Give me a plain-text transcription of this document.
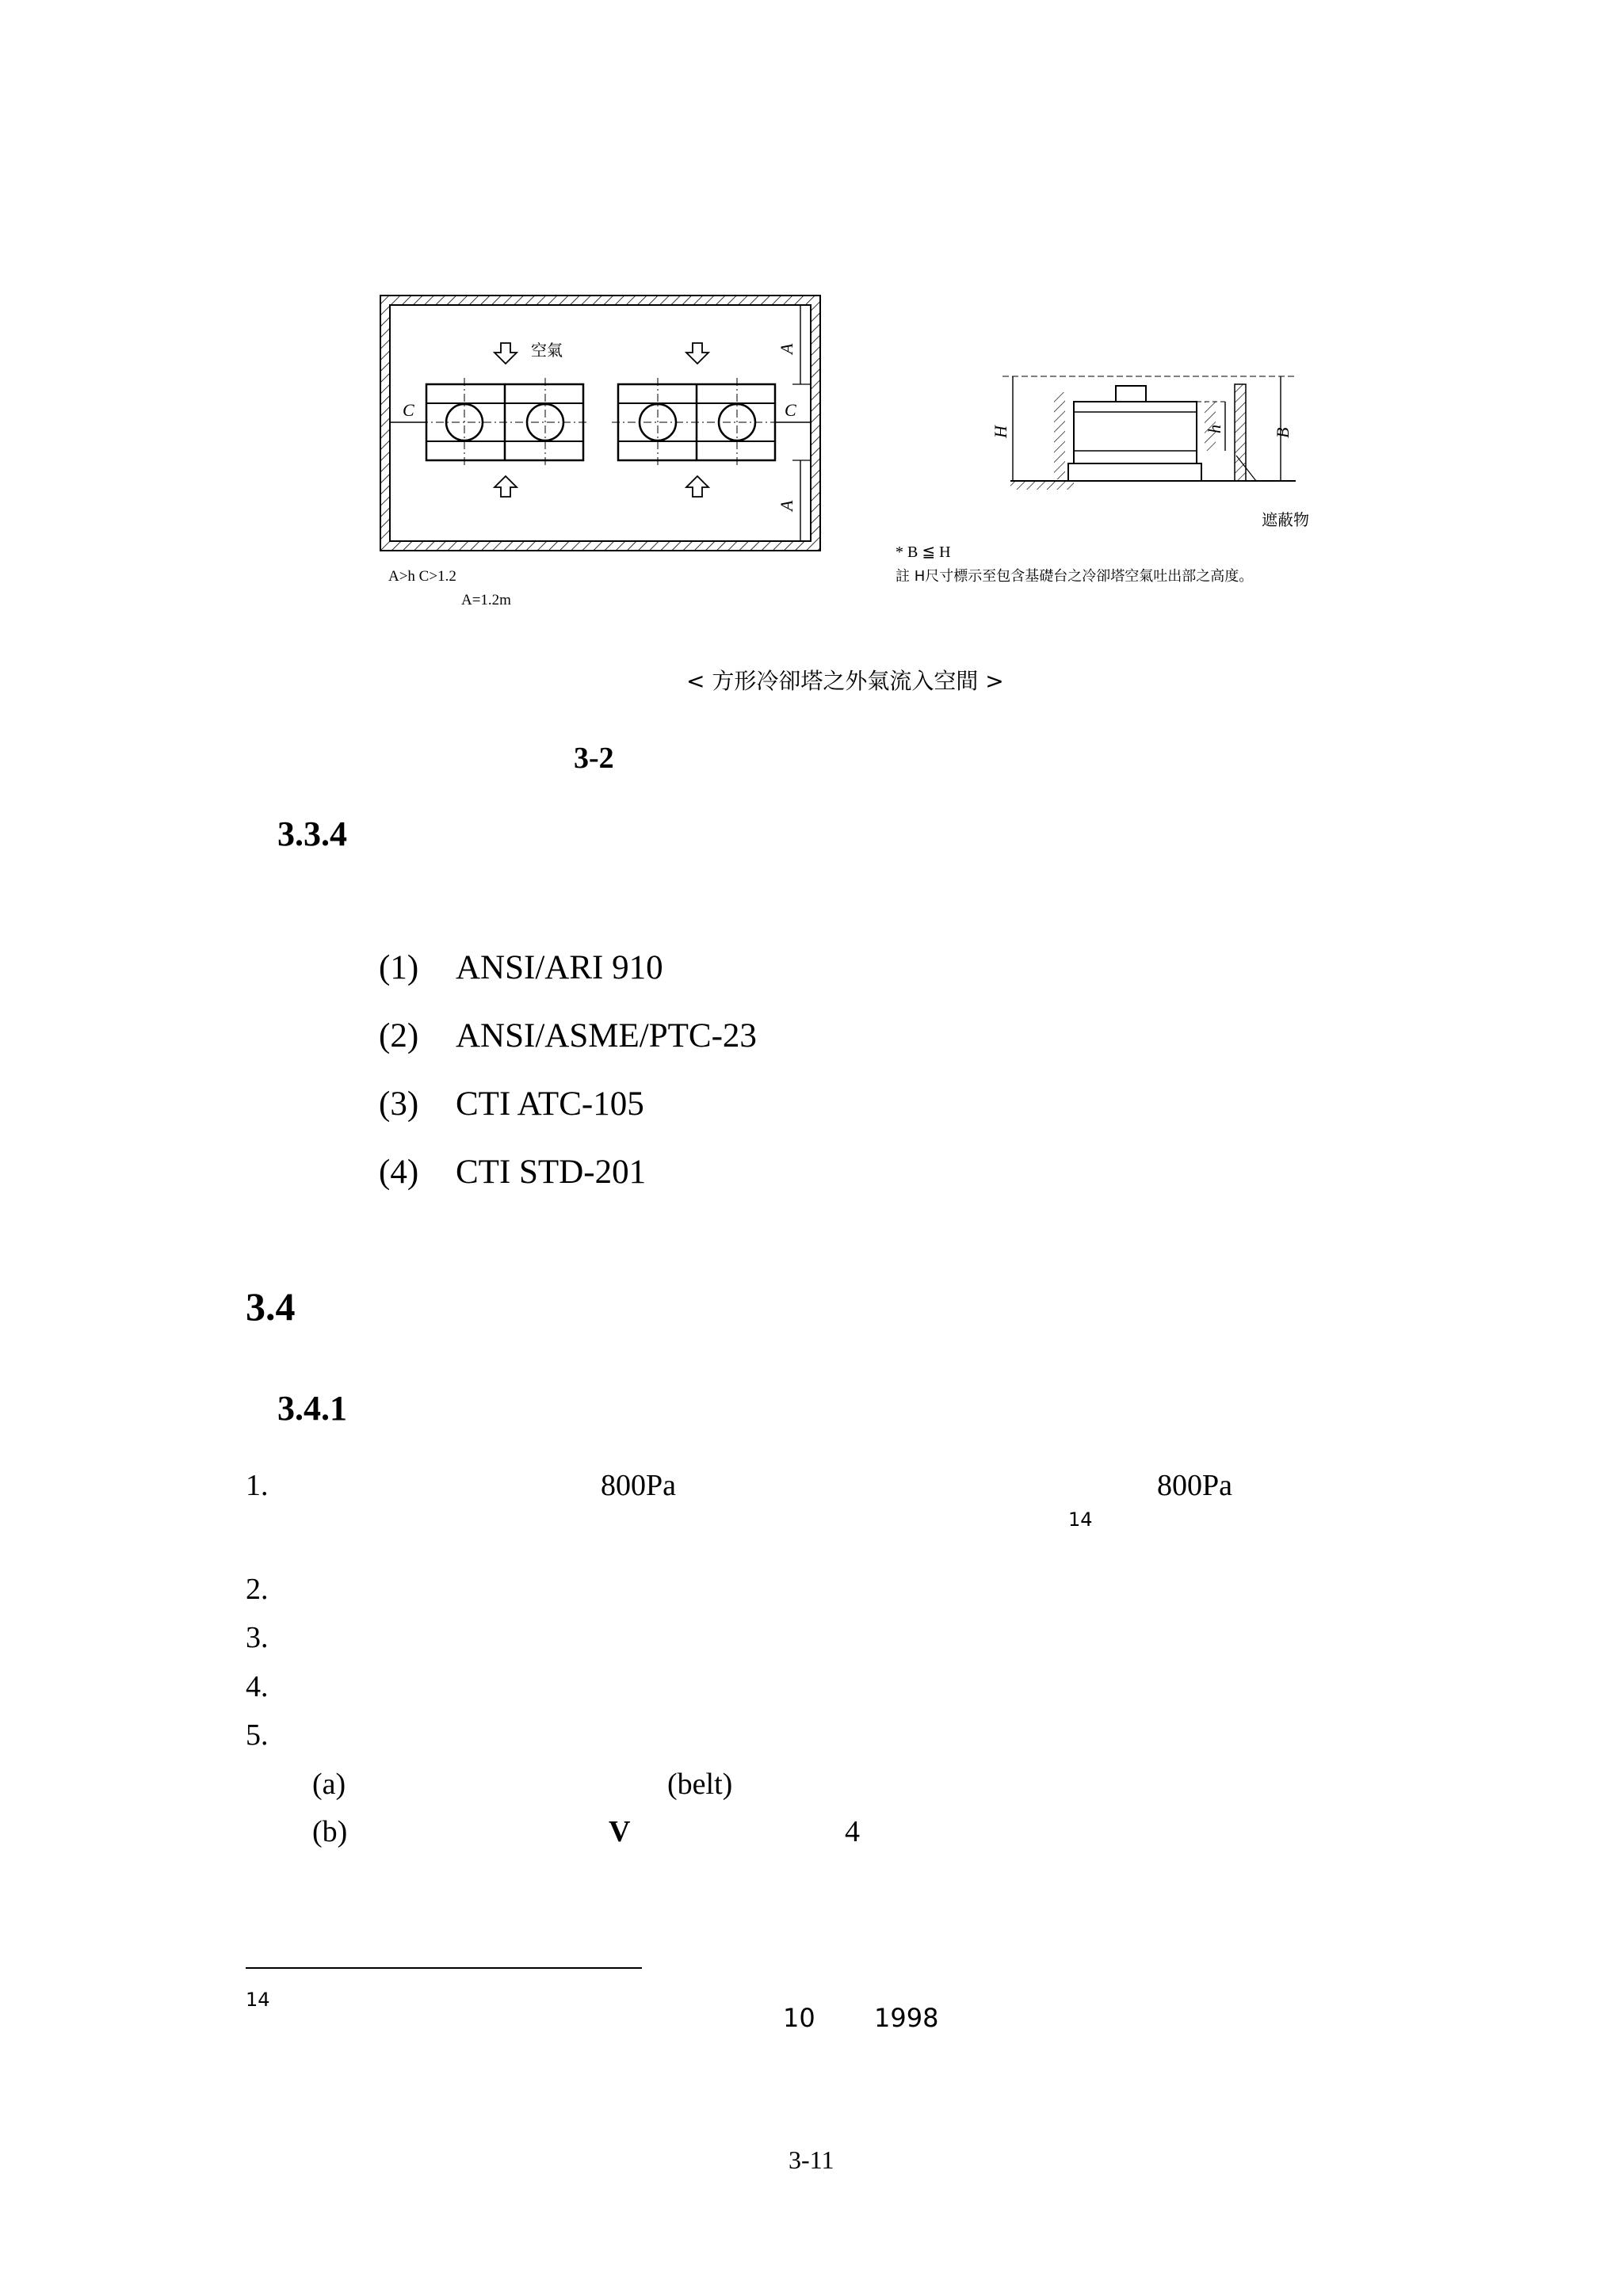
空氣	A
A
C	C
A>h C>1.2
A=1.2m
H	h	B
遮蔽物
* B ≦ H
註 H尺寸標示至包含基礎台之冷卻塔空氣吐出部之高度。
< 方形冷卻塔之外氣流入空間 >
3-2
3.3.4
(1) ANSI/ARI 910
(2) ANSI/ASME/PTC-23
(3) CTI ATC-105
(4) CTI STD-201
3.4
3.4.1
1.	800Pa	800Pa
14
2.
3.
4.
5.
(a)	(belt)
(b)	V	4
14
10 1998
3-11
